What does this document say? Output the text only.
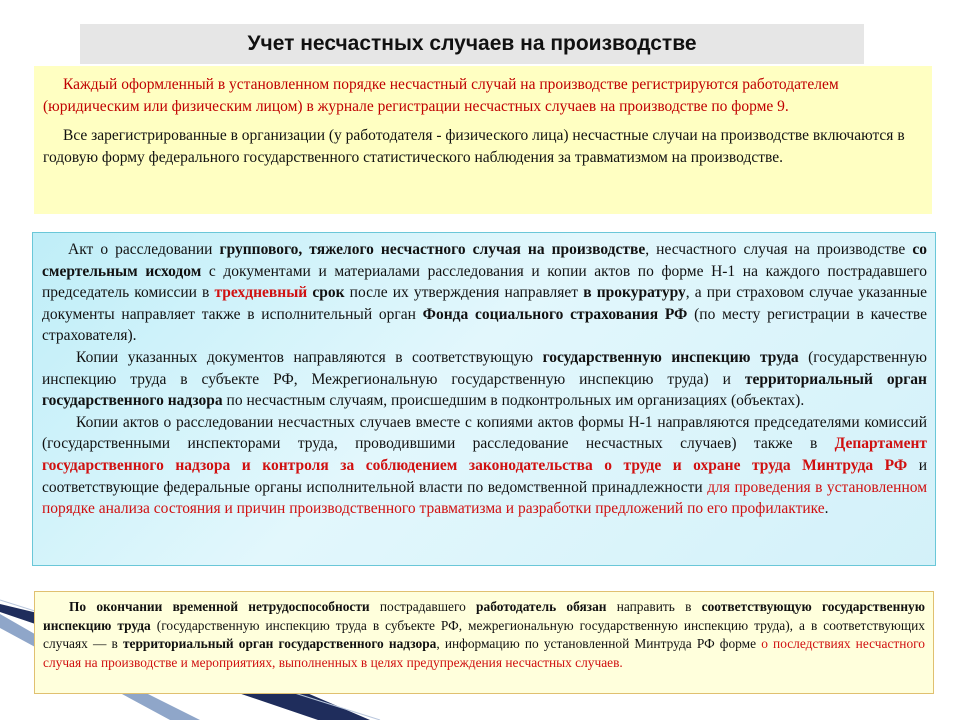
Учет несчастных случаев на производстве

Каждый оформленный в установленном порядке несчастный случай на производстве регистрируются работодателем (юридическим или физическим лицом) в журнале регистрации несчастных случаев на производстве по форме 9.

Все зарегистрированные в организации (у работодателя - физического лица) несчастные случаи на производстве включаются в годовую форму федерального государственного статистического наблюдения за травматизмом на производстве.

Акт о расследовании группового, тяжелого несчастного случая на производстве, несчастного случая на производстве со смертельным исходом с документами и материалами расследования и копии актов по форме Н-1 на каждого пострадавшего председатель комиссии в трехдневный срок после их утверждения направляет в прокуратуру, а при страховом случае указанные документы направляет также в исполнительный орган Фонда социального страхования РФ (по месту регистрации в качестве страхователя).

Копии указанных документов направляются в соответствующую государственную инспекцию труда (государственную инспекцию труда в субъекте РФ, Межрегиональную государственную инспекцию труда) и территориальный орган государственного надзора по несчастным случаям, происшедшим в подконтрольных им организациях (объектах).

Копии актов о расследовании несчастных случаев вместе с копиями актов формы Н-1 направляются председателями комиссий (государственными инспекторами труда, проводившими расследование несчастных случаев) также в Департамент государственного надзора и контроля за соблюдением законодательства о труде и охране труда Минтруда РФ и соответствующие федеральные органы исполнительной власти по ведомственной принадлежности для проведения в установленном порядке анализа состояния и причин производственного травматизма и разработки предложений по его профилактике.

По окончании временной нетрудоспособности пострадавшего работодатель обязан направить в соответствующую государственную инспекцию труда (государственную инспекцию труда в субъекте РФ, межрегиональную государственную инспекцию труда), а в соответствующих случаях — в территориальный орган государственного надзора, информацию по установленной Минтруда РФ форме о последствиях несчастного случая на производстве и мероприятиях, выполненных в целях предупреждения несчастных случаев.
